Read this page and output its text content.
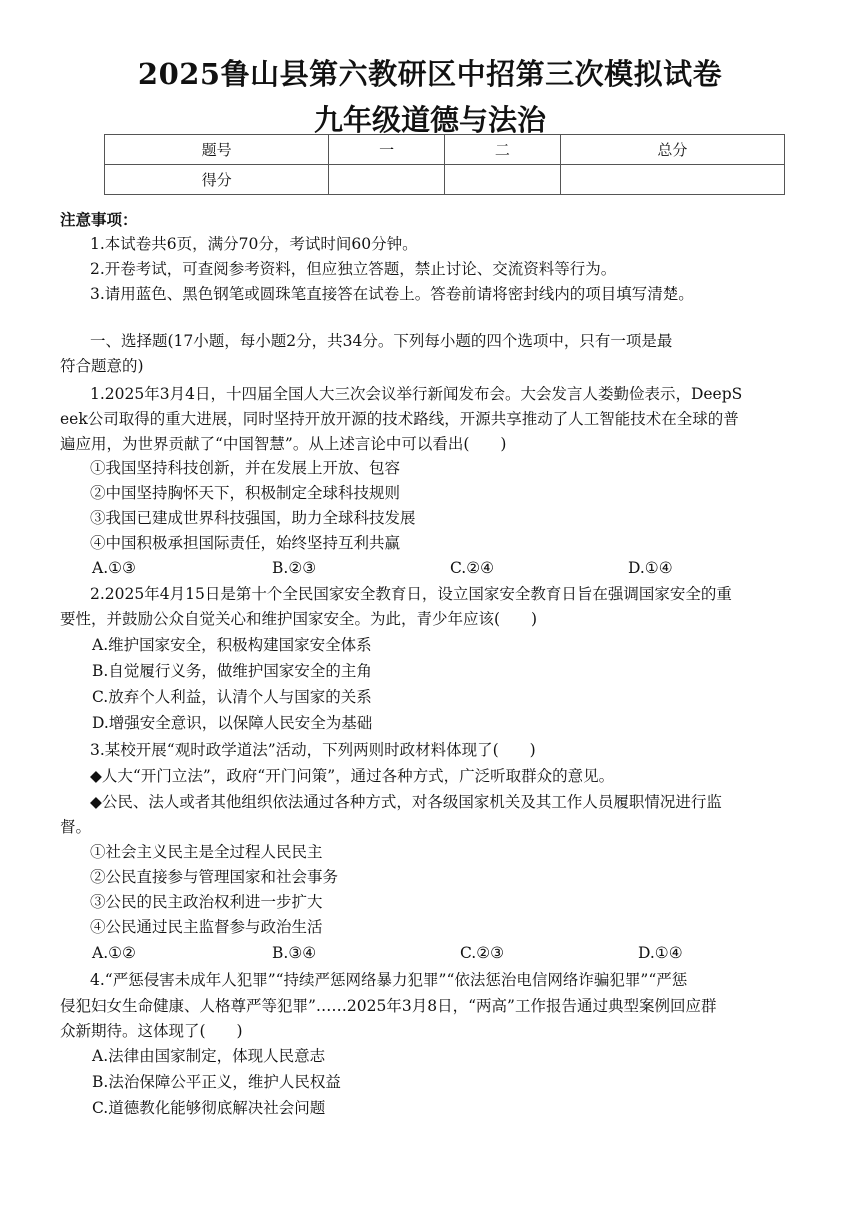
2025鲁山县第六教研区中招第三次模拟试卷
九年级道德与法治
题号	一	二	总分
得分			
注意事项：
1.本试卷共6页，满分70分，考试时间60分钟。
2.开卷考试，可查阅参考资料，但应独立答题，禁止讨论、交流资料等行为。
3.请用蓝色、黑色钢笔或圆珠笔直接答在试卷上。答卷前请将密封线内的项目填写清楚。
一、选择题(17小题，每小题2分，共34分。下列每小题的四个选项中，只有一项是最
符合题意的)
1.2025年3月4日，十四届全国人大三次会议举行新闻发布会。大会发言人娄勤俭表示，DeepS
eek公司取得的重大进展，同时坚持开放开源的技术路线，开源共享推动了人工智能技术在全球的普
遍应用，为世界贡献了“中国智慧”。从上述言论中可以看出(　　)
①我国坚持科技创新，并在发展上开放、包容
②中国坚持胸怀天下，积极制定全球科技规则
③我国已建成世界科技强国，助力全球科技发展
④中国积极承担国际责任，始终坚持互利共赢
A.①③	B.②③	C.②④	D.①④
2.2025年4月15日是第十个全民国家安全教育日，设立国家安全教育日旨在强调国家安全的重
要性，并鼓励公众自觉关心和维护国家安全。为此，青少年应该(　　)
A.维护国家安全，积极构建国家安全体系
B.自觉履行义务，做维护国家安全的主角
C.放弃个人利益，认清个人与国家的关系
D.增强安全意识，以保障人民安全为基础
3.某校开展“观时政学道法”活动，下列两则时政材料体现了(　　)
◆人大“开门立法”，政府“开门问策”，通过各种方式，广泛听取群众的意见。
◆公民、法人或者其他组织依法通过各种方式，对各级国家机关及其工作人员履职情况进行监
督。
①社会主义民主是全过程人民民主
②公民直接参与管理国家和社会事务
③公民的民主政治权利进一步扩大
④公民通过民主监督参与政治生活
A.①②	B.③④	C.②③	D.①④
4.“严惩侵害未成年人犯罪”“持续严惩网络暴力犯罪”“依法惩治电信网络诈骗犯罪”“严惩
侵犯妇女生命健康、人格尊严等犯罪”……2025年3月8日，“两高”工作报告通过典型案例回应群
众新期待。这体现了(　　)
A.法律由国家制定，体现人民意志
B.法治保障公平正义，维护人民权益
C.道德教化能够彻底解决社会问题
